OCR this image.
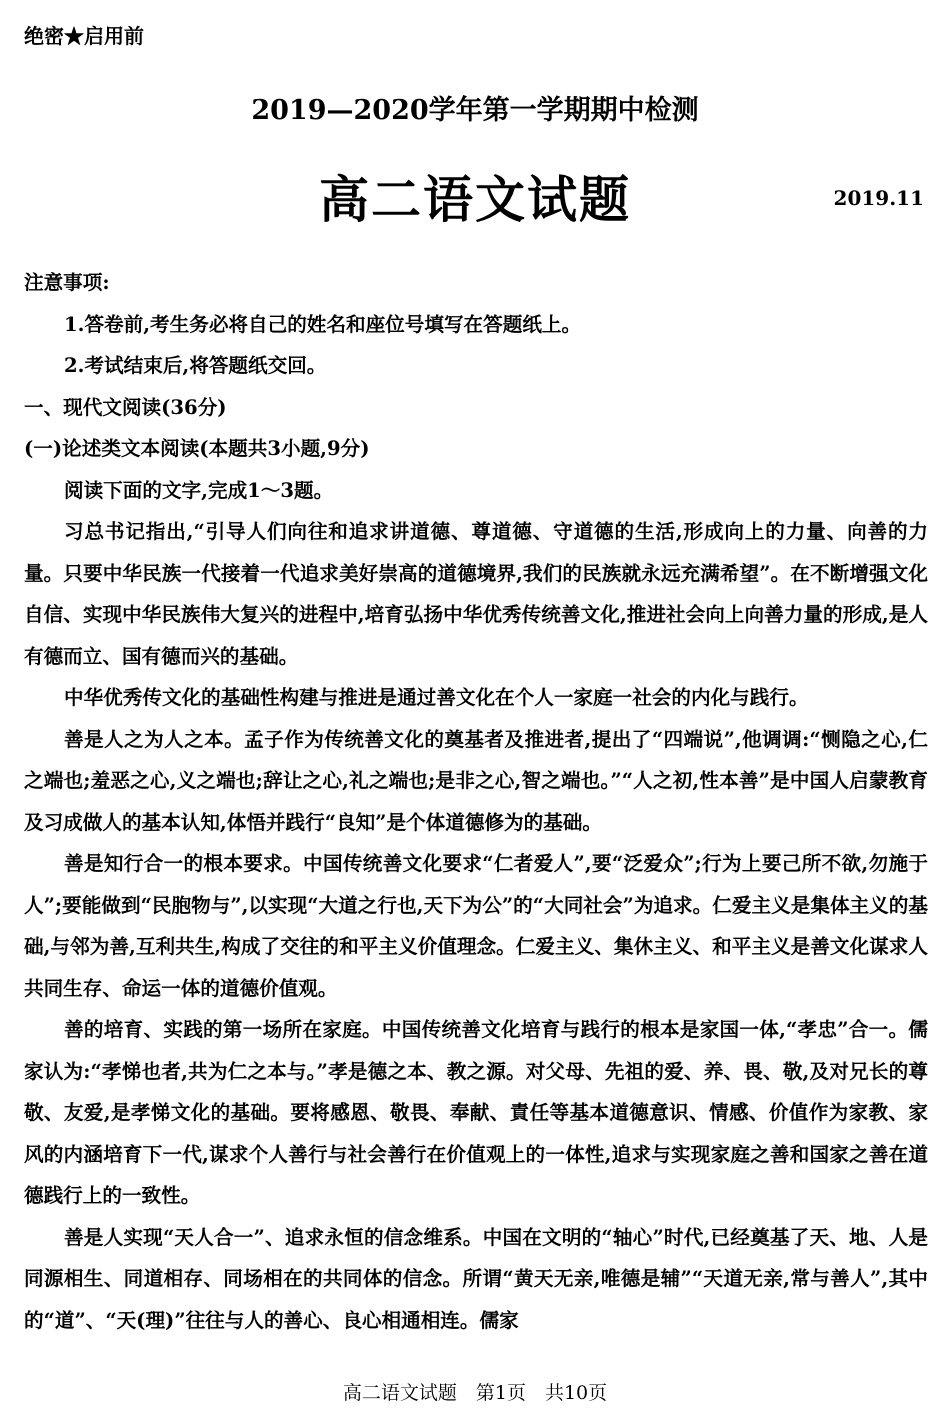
绝密★启用前
2019—2020学年第一学期期中检测
高二语文试题	2019.11

注意事项:

1.答卷前,考生务必将自己的姓名和座位号填写在答题纸上。

2.考试结束后,将答题纸交回。

一、现代文阅读(36分)

(一)论述类文本阅读(本题共3小题,9分)

阅读下面的文字,完成1～3题。

习总书记指出,“引导人们向往和追求讲道德、尊道德、守道德的生活,形成向上的力量、向善的力量。只要中华民族一代接着一代追求美好崇高的道德境界,我们的民族就永远充满希望”。在不断增强文化自信、实现中华民族伟大复兴的进程中,培育弘扬中华优秀传统善文化,推进社会向上向善力量的形成,是人有德而立、国有德而兴的基础。

中华优秀传文化的基础性构建与推进是通过善文化在个人一家庭一社会的内化与践行。

善是人之为人之本。孟子作为传统善文化的奠基者及推进者,提出了“四端说”,他调调:“恻隐之心,仁之端也;羞恶之心,义之端也;辞让之心,礼之端也;是非之心,智之端也。”“人之初,性本善”是中国人启蒙教育及习成做人的基本认知,体悟并践行“良知”是个体道德修为的基础。

善是知行合一的根本要求。中国传统善文化要求“仁者爱人”,要“泛爱众”;行为上要己所不欲,勿施于人”;要能做到“民胞物与”,以实现“大道之行也,天下为公”的“大同社会”为追求。仁爱主义是集体主义的基础,与邻为善,互利共生,构成了交往的和平主义价值理念。仁爱主义、集休主义、和平主义是善文化谋求人共同生存、命运一体的道德价值观。

善的培育、实践的第一场所在家庭。中国传统善文化培育与践行的根本是家国一体,“孝忠”合一。儒家认为:“孝悌也者,共为仁之本与。”孝是德之本、教之源。对父母、先祖的爱、养、畏、敬,及对兄长的尊敬、友爱,是孝悌文化的基础。要将感恩、敬畏、奉献、責任等基本道德意识、情感、价值作为家教、家风的内涵培育下一代,谋求个人善行与社会善行在价值观上的一体性,追求与实现家庭之善和国家之善在道德践行上的一致性。

善是人实现“天人合一”、追求永恒的信念维系。中国在文明的“轴心”时代,已经奠基了天、地、人是同源相生、同道相存、同场相在的共同体的信念。所谓“黄天无亲,唯德是辅”“天道无亲,常与善人”,其中的“道”、“天(理)”往往与人的善心、良心相通相连。儒家

高二语文试题　第1页　共10页
